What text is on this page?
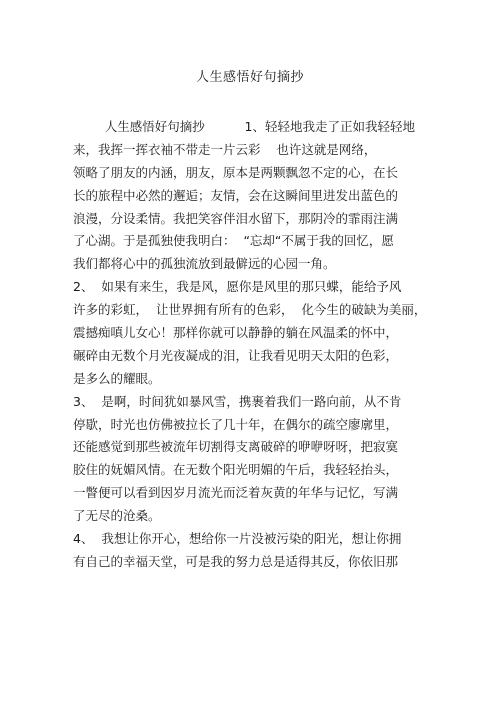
人生感悟好句摘抄
人生感悟好句摘抄          1、轻轻地我走了正如我轻轻地
来，我挥一挥衣袖不带走一片云彩    也许这就是网络，
领略了朋友的内涵，朋友，原本是两颗飘忽不定的心，在长
长的旅程中必然的邂逅；友情，会在这瞬间里进发出蓝色的
浪漫，分设柔情。我把笑容伴泪水留下，那阴冷的霏雨注满
了心湖。于是孤独使我明白：  “忘却“不属于我的回忆，愿
我们都将心中的孤独流放到最僻远的心园一角。
2、  如果有来生，我是风，愿你是风里的那只蝶，能给予风
许多的彩虹，  让世界拥有所有的色彩，  化今生的破缺为美丽，
震撼痴嗔儿女心！那样你就可以静静的躺在风温柔的怀中，
碾碎由无数个月光夜凝成的泪，让我看见明天太阳的色彩，
是多么的耀眼。
3、  是啊，时间犹如暴风雪，携裹着我们一路向前，从不肯
停歇，时光也仿佛被拉长了几十年，在偶尔的疏空廖廓里，
还能感觉到那些被流年切割得支离破碎的咿咿呀呀，把寂寞
胶住的妩媚风情。在无数个阳光明媚的午后，我轻轻抬头，
一瞥便可以看到因岁月流光而泛着灰黄的年华与记忆，写满
了无尽的沧桑。
4、  我想让你开心，想给你一片没被污染的阳光，想让你拥
有自己的幸福天堂，可是我的努力总是适得其反，你依旧那
